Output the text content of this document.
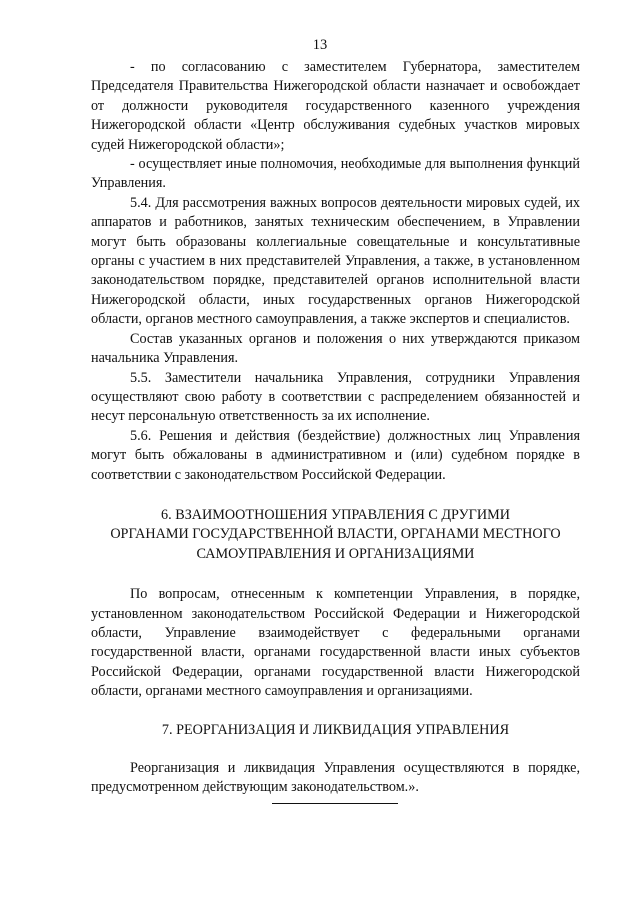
13

- по согласованию с заместителем Губернатора, заместителем Председателя Правительства Нижегородской области назначает и освобождает от должности руководителя государственного казенного учреждения Нижегородской области «Центр обслуживания судебных участков мировых судей Нижегородской области»;

- осуществляет иные полномочия, необходимые для выполнения функций Управления.

5.4. Для рассмотрения важных вопросов деятельности мировых судей, их аппаратов и работников, занятых техническим обеспечением, в Управлении могут быть образованы коллегиальные совещательные и консультативные органы с участием в них представителей Управления, а также, в установленном законодательством порядке, представителей органов исполнительной власти Нижегородской области, иных государственных органов Нижегородской области, органов местного самоуправления, а также экспертов и специалистов.

Состав указанных органов и положения о них утверждаются приказом начальника Управления.

5.5. Заместители начальника Управления, сотрудники Управления осуществляют свою работу в соответствии с распределением обязанностей и несут персональную ответственность за их исполнение.

5.6. Решения и действия (бездействие) должностных лиц Управления могут быть обжалованы в административном и (или) судебном порядке в соответствии с законодательством Российской Федерации.

6. ВЗАИМООТНОШЕНИЯ УПРАВЛЕНИЯ С ДРУГИМИ
ОРГАНАМИ ГОСУДАРСТВЕННОЙ ВЛАСТИ, ОРГАНАМИ МЕСТНОГО
САМОУПРАВЛЕНИЯ И ОРГАНИЗАЦИЯМИ

По вопросам, отнесенным к компетенции Управления, в порядке, установленном законодательством Российской Федерации и Нижегородской области, Управление взаимодействует с федеральными органами государственной власти, органами государственной власти иных субъектов Российской Федерации, органами государственной власти Нижегородской области, органами местного самоуправления и организациями.

7. РЕОРГАНИЗАЦИЯ И ЛИКВИДАЦИЯ УПРАВЛЕНИЯ

Реорганизация и ликвидация Управления осуществляются в порядке, предусмотренном действующим законодательством.».
